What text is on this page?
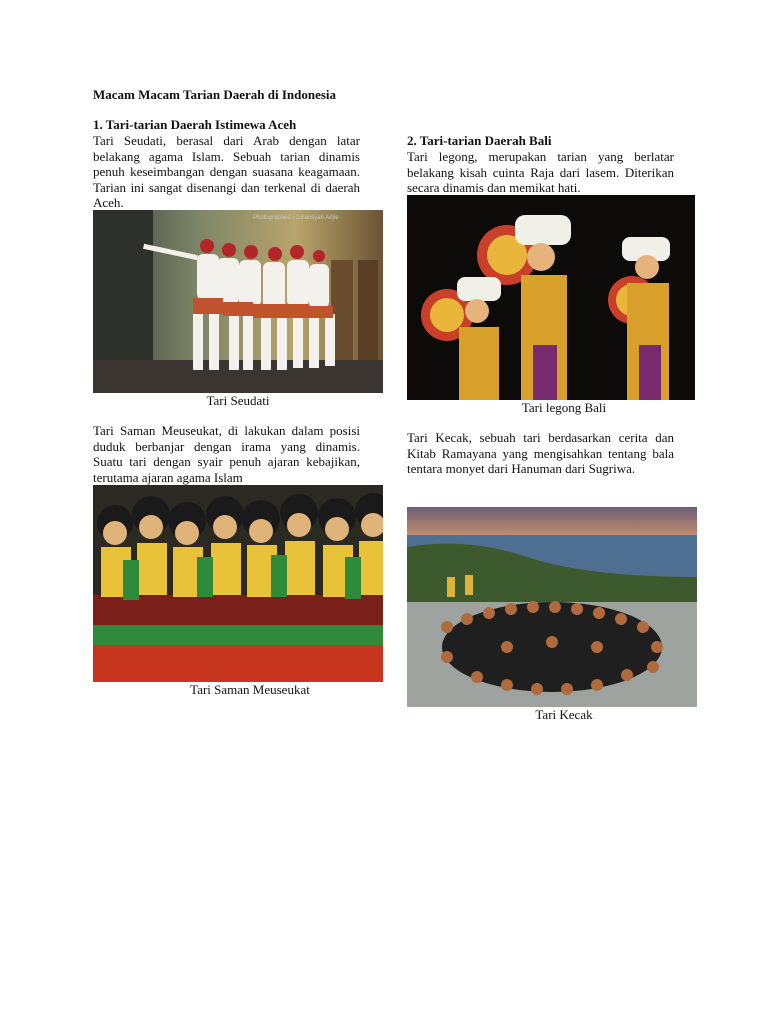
Macam Macam Tarian Daerah di Indonesia
1. Tari-tarian Daerah Istimewa Aceh

Tari Seudati, berasal dari Arab dengan latar belakang agama Islam. Sebuah tarian dinamis penuh keseimbangan dengan suasana keagamaan. Tarian ini sangat disenangi dan terkenal di daerah Aceh.

Photographed | Juliansyah Adjie
Tari Seudati

Tari Saman Meuseukat, di lakukan dalam posisi duduk berbanjar dengan irama yang dinamis. Suatu tari dengan syair penuh ajaran kebajikan, terutama ajaran agama Islam

Tari Saman Meuseukat
2. Tari-tarian Daerah Bali

Tari legong, merupakan tarian yang berlatar belakang kisah cuinta Raja dari lasem. Diterikan secara dinamis dan memikat hati.

Tari legong Bali

Tari Kecak, sebuah tari berdasarkan cerita dan Kitab Ramayana yang mengisahkan tentang bala tentara monyet dari Hanuman dari Sugriwa.

Tari Kecak
